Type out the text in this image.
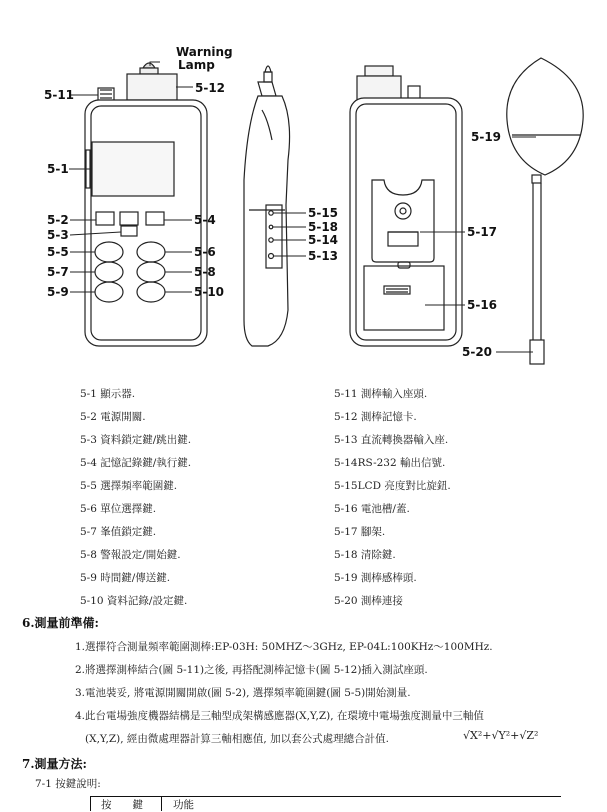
Warning
Lamp
5-11	5-12
5-1
5-2
5-3
5-4
5-5	5-6
5-7	5-8
5-9	5-10
5-15
5-18
5-14
5-13
5-19
5-17
5-16
5-20
5-1 顯示器.
5-2 電源開關.
5-3 資料鎖定鍵/跳出鍵.
5-4 記憶記錄鍵/執行鍵.
5-5 選擇頻率範圍鍵.
5-6 單位選擇鍵.
5-7 峯值鎖定鍵.
5-8 警報設定/開始鍵.
5-9 時間鍵/傳送鍵.
5-10 資料記錄/設定鍵.
5-11 測棒輸入座頭.
5-12 測棒記憶卡.
5-13 直流轉換器輸入座.
5-14RS-232 輸出信號.
5-15LCD 亮度對比旋鈕.
5-16 電池槽/蓋.
5-17 腳架.
5-18 清除鍵.
5-19 測棒感棒頭.
5-20 測棒連接
6.測量前準備:
1.選擇符合測量頻率範圍測棒:EP-03H: 50MHZ～3GHz, EP-04L:100KHz～100MHz.
2.將選擇測棒結合(圖 5-11)之後, 再搭配測棒記憶卡(圖 5-12)插入測試座頭.
3.電池裝妥, 將電源開關開啟(圖 5-2), 選擇頻率範圍鍵(圖 5-5)開始測量.
4.此台電場強度機器結構是三軸型成架構感應器(X,Y,Z), 在環境中電場強度測量中三軸值
(X,Y,Z), 經由微處理器計算三軸相應值, 加以套公式處理總合計值.	√X²+√Y²+√Z²
7.測量方法:
7-1 按鍵說明:
按　　鍵	功能
